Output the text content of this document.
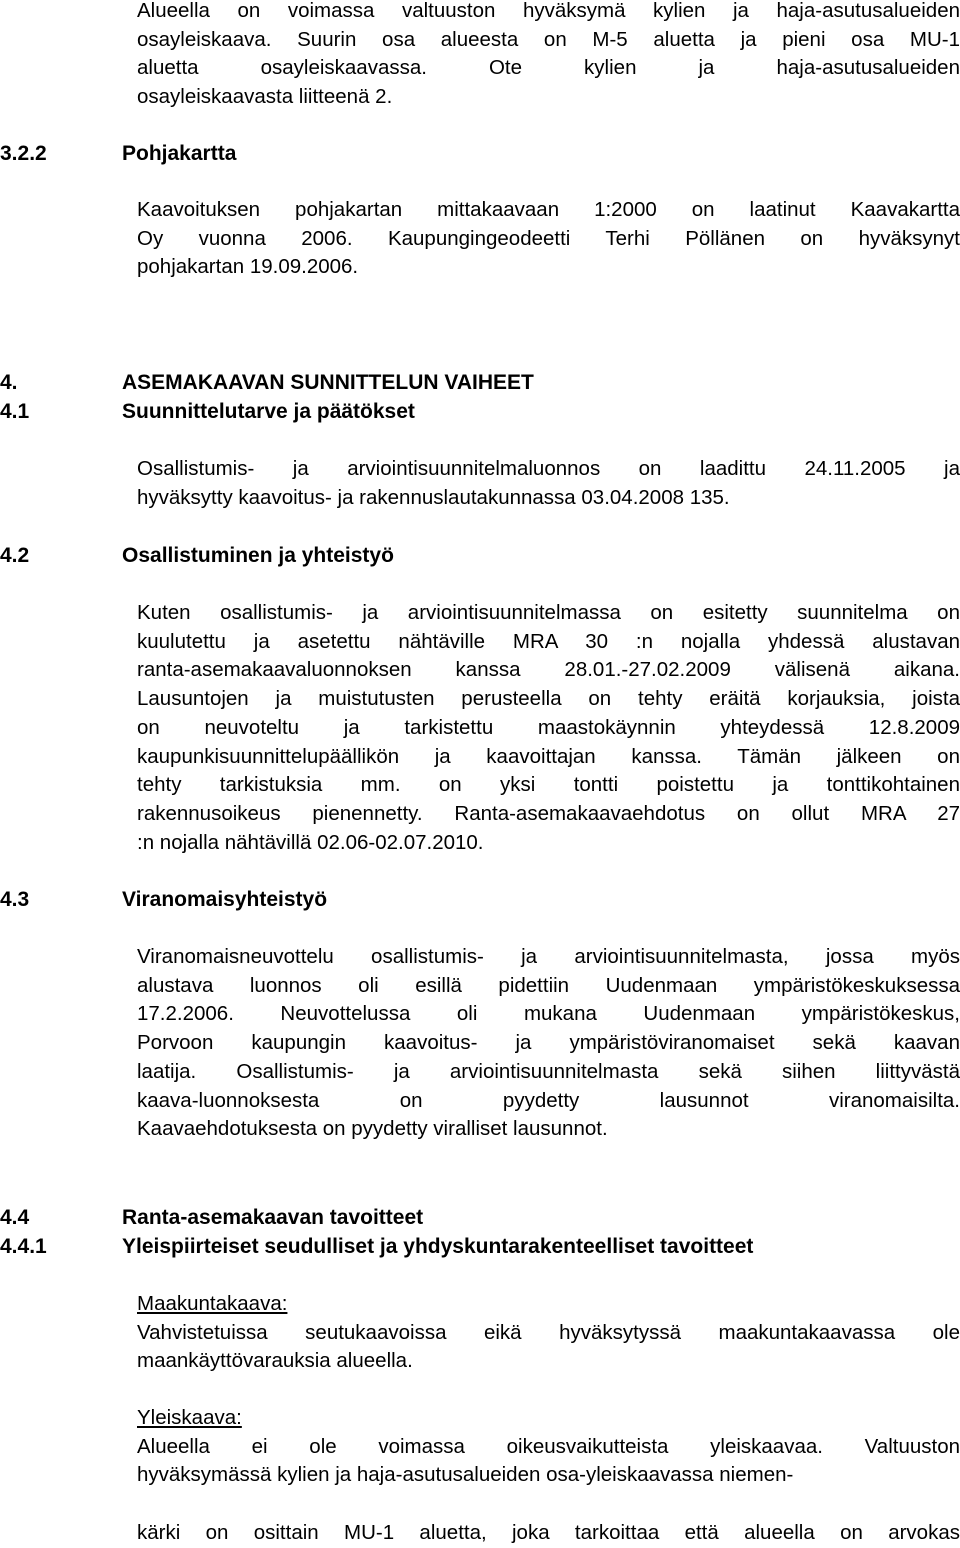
Alueella on voimassa valtuuston hyväksymä kylien ja haja-asutusalueiden
osayleiskaava. Suurin osa alueesta on M-5 aluetta ja pieni osa MU-1
aluetta osayleiskaavassa. Ote kylien ja haja-asutusalueiden
osayleiskaavasta liitteenä 2.
3.2.2	Pohjakartta
Kaavoituksen pohjakartan mittakaavaan 1:2000 on laatinut Kaavakartta
Oy vuonna 2006. Kaupungingeodeetti Terhi Pöllänen on hyväksynyt
pohjakartan 19.09.2006.
4.	ASEMAKAAVAN SUNNITTELUN VAIHEET
4.1	Suunnittelutarve ja päätökset
Osallistumis- ja arviointisuunnitelmaluonnos on laadittu 24.11.2005 ja
hyväksytty kaavoitus- ja rakennuslautakunnassa 03.04.2008 135.
4.2	Osallistuminen ja yhteistyö
Kuten osallistumis- ja arviointisuunnitelmassa on esitetty suunnitelma on
kuulutettu ja asetettu nähtäville MRA 30 :n nojalla yhdessä alustavan
ranta-asemakaavaluonnoksen kanssa 28.01.-27.02.2009 välisenä aikana.
Lausuntojen ja muistutusten perusteella on tehty eräitä korjauksia, joista
on neuvoteltu ja tarkistettu maastokäynnin yhteydessä 12.8.2009
kaupunkisuunnittelupäällikön ja kaavoittajan kanssa. Tämän jälkeen on
tehty tarkistuksia mm. on yksi tontti poistettu ja tonttikohtainen
rakennusoikeus pienennetty. Ranta-asemakaavaehdotus on ollut MRA 27
:n nojalla nähtävillä 02.06-02.07.2010.
4.3	Viranomaisyhteistyö
Viranomaisneuvottelu osallistumis- ja arviointisuunnitelmasta, jossa myös
alustava luonnos oli esillä pidettiin Uudenmaan ympäristökeskuksessa
17.2.2006. Neuvottelussa oli mukana Uudenmaan ympäristökeskus,
Porvoon kaupungin kaavoitus- ja ympäristöviranomaiset sekä kaavan
laatija. Osallistumis- ja arviointisuunnitelmasta sekä siihen liittyvästä
kaava-luonnoksesta on pyydetty lausunnot viranomaisilta.
Kaavaehdotuksesta on pyydetty viralliset lausunnot.
4.4	Ranta-asemakaavan tavoitteet
4.4.1	Yleispiirteiset seudulliset ja yhdyskuntarakenteelliset tavoitteet
Maakuntakaava:
Vahvistetuissa seutukaavoissa eikä hyväksytyssä maakuntakaavassa ole
maankäyttövarauksia alueella.
Yleiskaava:
Alueella ei ole voimassa oikeusvaikutteista yleiskaavaa. Valtuuston
hyväksymässä kylien ja haja-asutusalueiden osa-yleiskaavassa niemen-
kärki on osittain MU-1 aluetta, joka tarkoittaa että alueella on arvokas
